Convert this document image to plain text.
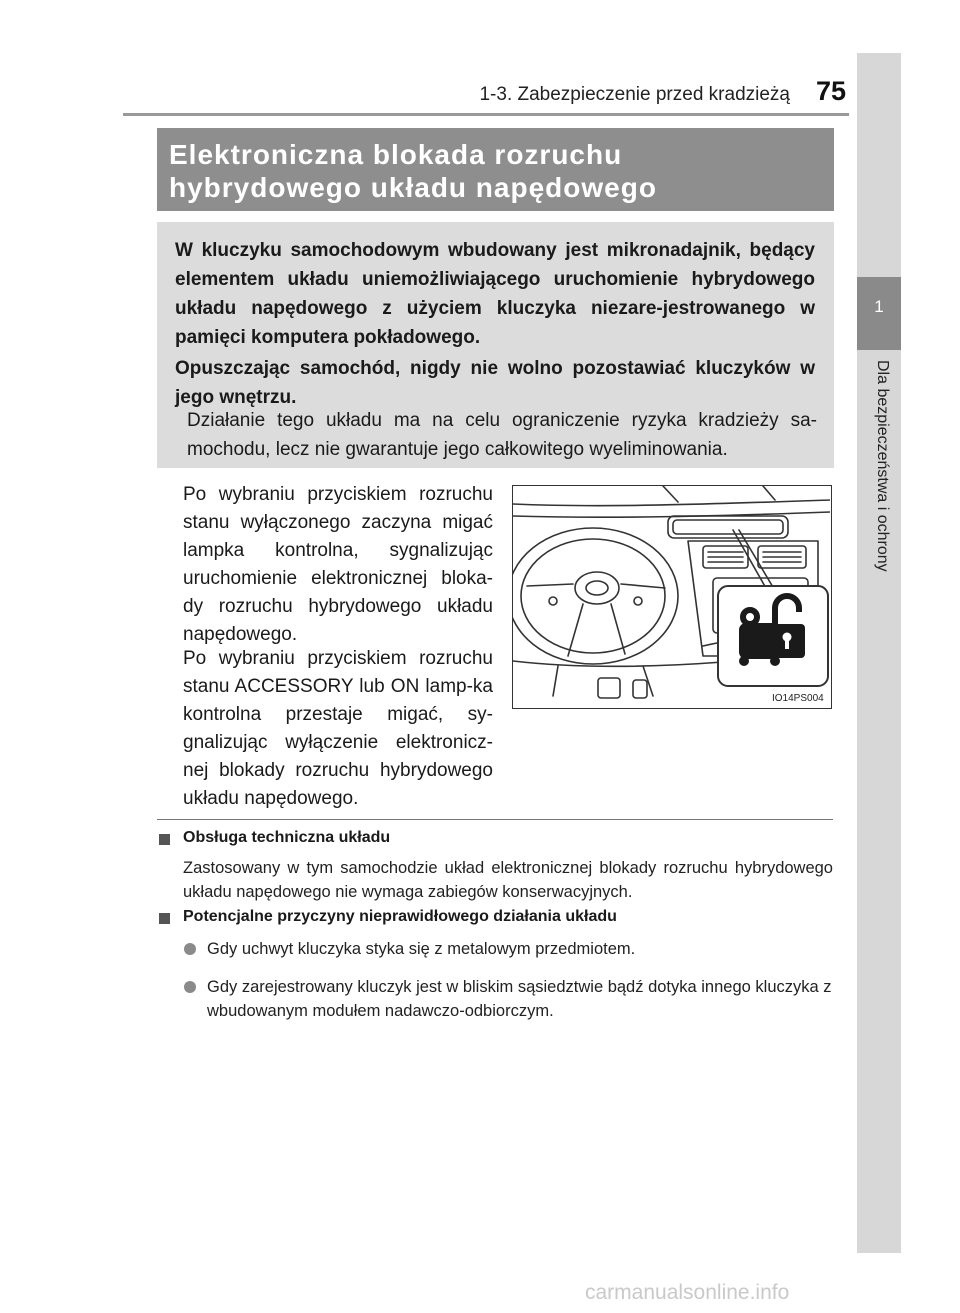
1-3. Zabezpieczenie przed kradzieżą 75
1
Dla bezpieczeństwa i ochrony
Elektroniczna blokada rozruchu
hybrydowego układu napędowego

W kluczyku samochodowym wbudowany jest mikronadajnik, będący elementem układu uniemożliwiającego uruchomienie hybrydowego układu napędowego z użyciem kluczyka niezare-jestrowanego w pamięci komputera pokładowego.

Opuszczając samochód, nigdy nie wolno pozostawiać kluczyków w jego wnętrzu.

Działanie tego układu ma na celu ograniczenie ryzyka kradzieży sa-mochodu, lecz nie gwarantuje jego całkowitego wyeliminowania.

Po wybraniu przyciskiem rozruchu stanu wyłączonego zaczyna migać lampka kontrolna, sygnalizując uruchomienie elektronicznej bloka-dy rozruchu hybrydowego układu napędowego.

Po wybraniu przyciskiem rozruchu stanu ACCESSORY lub ON lamp-ka kontrolna przestaje migać, sy-gnalizując wyłączenie elektronicz-nej blokady rozruchu hybrydowego układu napędowego.

IO14PS004
Obsługa techniczna układu

Zastosowany w tym samochodzie układ elektronicznej blokady rozruchu hybrydowego układu napędowego nie wymaga zabiegów konserwacyjnych.

Potencjalne przyczyny nieprawidłowego działania układu

Gdy uchwyt kluczyka styka się z metalowym przedmiotem.

Gdy zarejestrowany kluczyk jest w bliskim sąsiedztwie bądź dotyka innego kluczyka z wbudowanym modułem nadawczo-odbiorczym.

carmanualsonline.info
